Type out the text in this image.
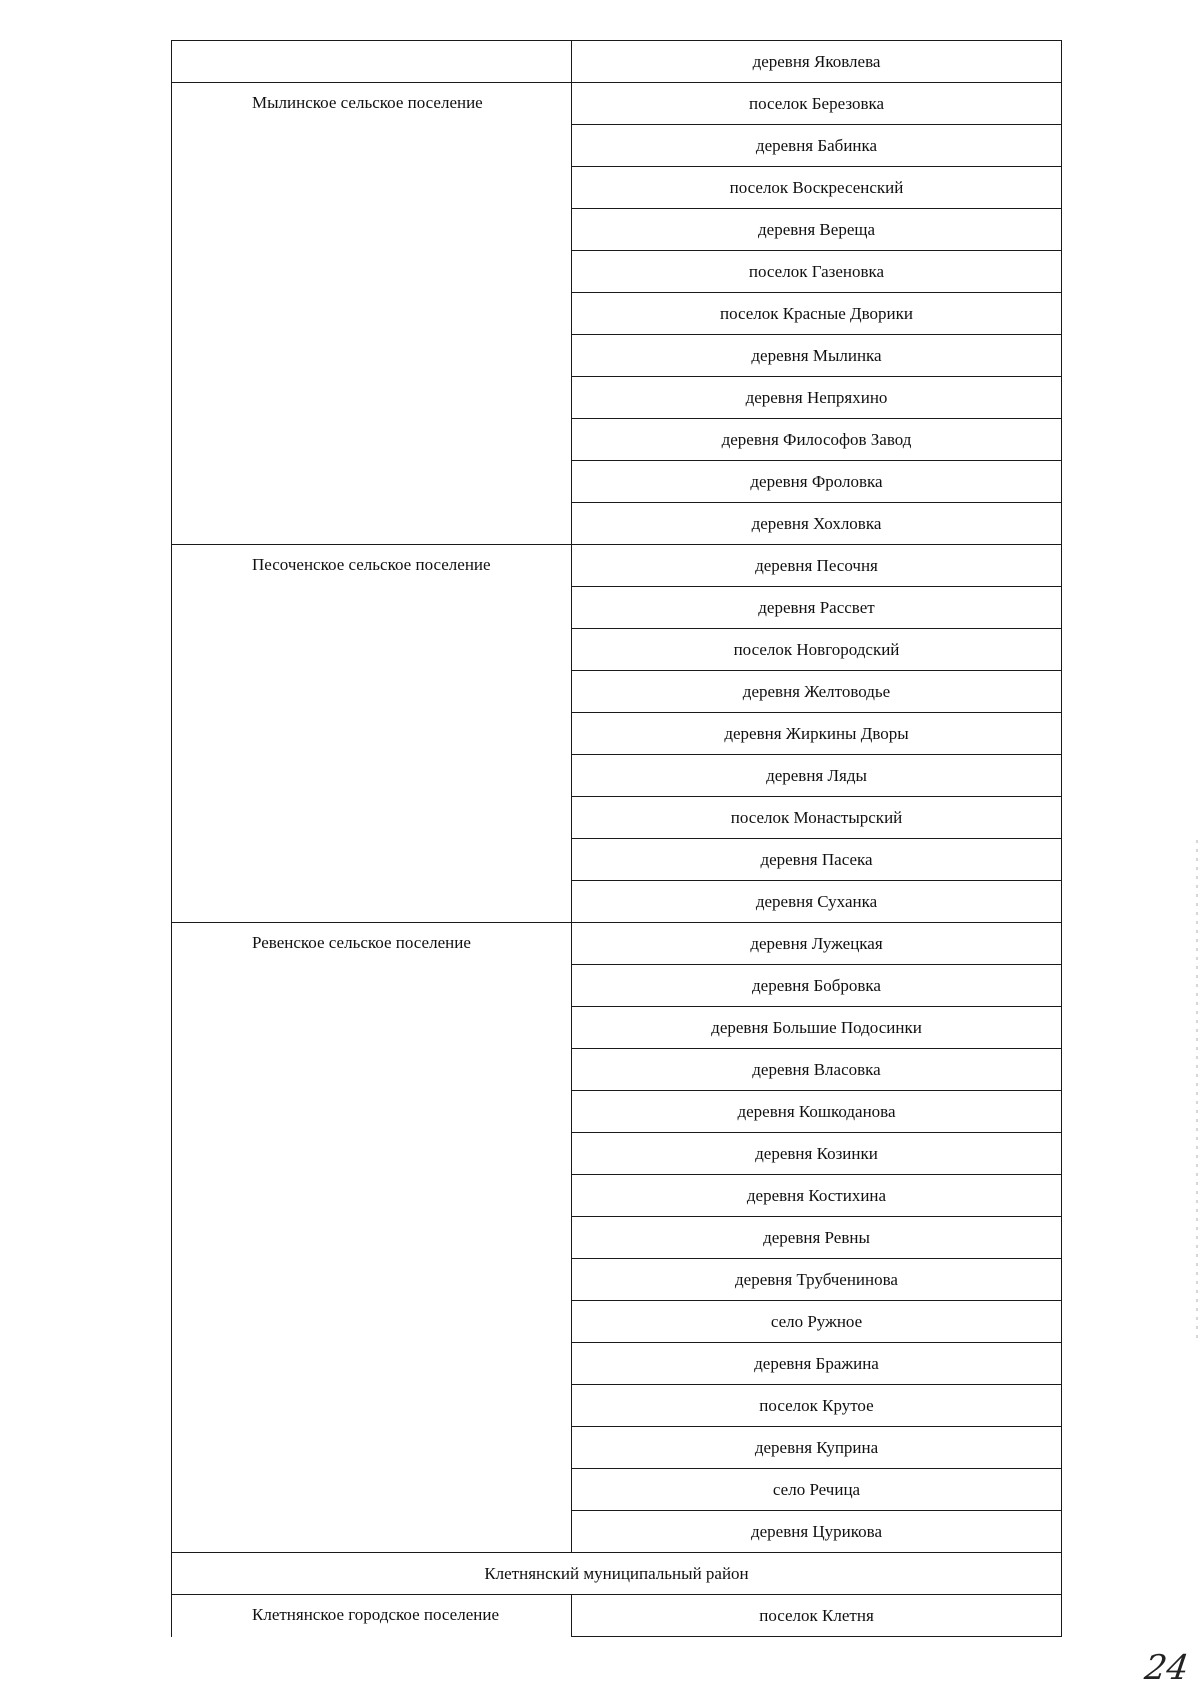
	деревня Яковлева
Мылинское сельское поселение	поселок Березовка
	деревня Бабинка
	поселок Воскресенский
	деревня Верещa
	поселок Газеновка
	поселок Красные Дворики
	деревня Мылинка
	деревня Непряхино
	деревня Философов Завод
	деревня Фроловка
	деревня Хохловка
Песоченское сельское поселение	деревня Песочня
	деревня Рассвет
	поселок Новгородский
	деревня Желтоводье
	деревня Жиркины Дворы
	деревня Ляды
	поселок Монастырский
	деревня Пасека
	деревня Суханка
Ревенское сельское поселение	деревня Лужецкая
	деревня Бобровка
	деревня Большие Подосинки
	деревня Власовка
	деревня Кошкоданова
	деревня Козинки
	деревня Костихина
	деревня Ревны
	деревня Трубченинова
	село Ружное
	деревня Бражина
	поселок Крутое
	деревня Куприна
	село Речица
	деревня Цурикова
Клетнянский муниципальный район	
Клетнянское городское поселение	поселок Клетня
24
